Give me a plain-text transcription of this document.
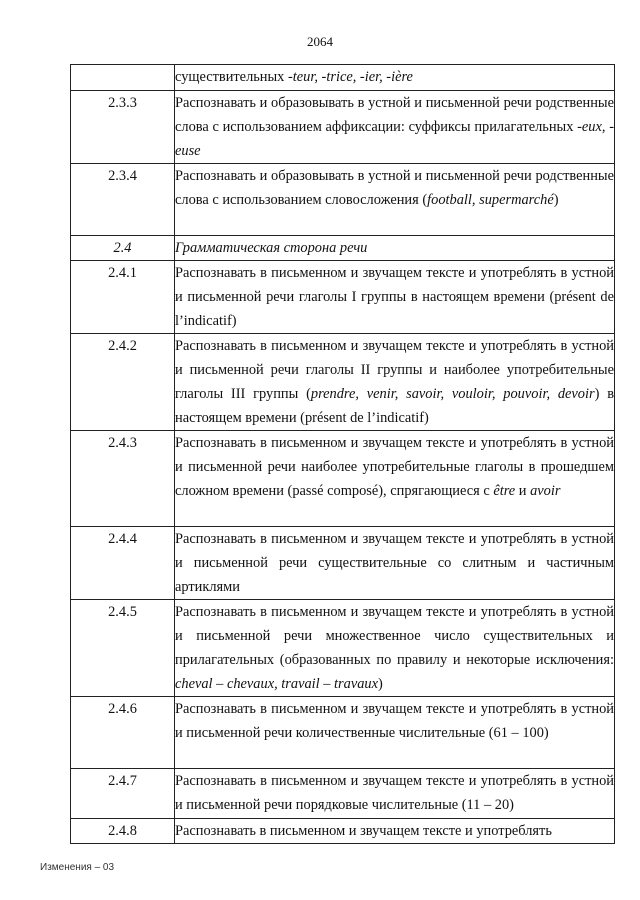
2064
	существительных -teur, -trice, -ier, -ière
2.3.3	Распознавать и образовывать в устной и письменной речи родственные слова с использованием аффиксации: суффиксы прилагательных -eux, -euse
2.3.4	Распознавать и образовывать в устной и письменной речи родственные слова с использованием словосложения (football, supermarché)
2.4	Грамматическая сторона речи
2.4.1	Распознавать в письменном и звучащем тексте и употреблять в устной и письменной речи глаголы I группы в настоящем времени (présent de l’indicatif)
2.4.2	Распознавать в письменном и звучащем тексте и употреблять в устной и письменной речи глаголы II группы и наиболее употребительные глаголы III группы (prendre, venir, savoir, vouloir, pouvoir, devoir) в настоящем времени (présent de l’indicatif)
2.4.3	Распознавать в письменном и звучащем тексте и употреблять в устной и письменной речи наиболее употребительные глаголы в прошедшем сложном времени (passé composé), спрягающиеся с être и avoir
2.4.4	Распознавать в письменном и звучащем тексте и употреблять в устной и письменной речи существительные со слитным и частичным артиклями
2.4.5	Распознавать в письменном и звучащем тексте и употреблять в устной и письменной речи множественное число существительных и прилагательных (образованных по правилу и некоторые исключения: cheval – chevaux, travail – travaux)
2.4.6	Распознавать в письменном и звучащем тексте и употреблять в устной и письменной речи количественные числительные (61 – 100)
2.4.7	Распознавать в письменном и звучащем тексте и употреблять в устной и письменной речи порядковые числительные (11 – 20)
2.4.8	Распознавать в письменном и звучащем тексте и употреблять
Изменения – 03
